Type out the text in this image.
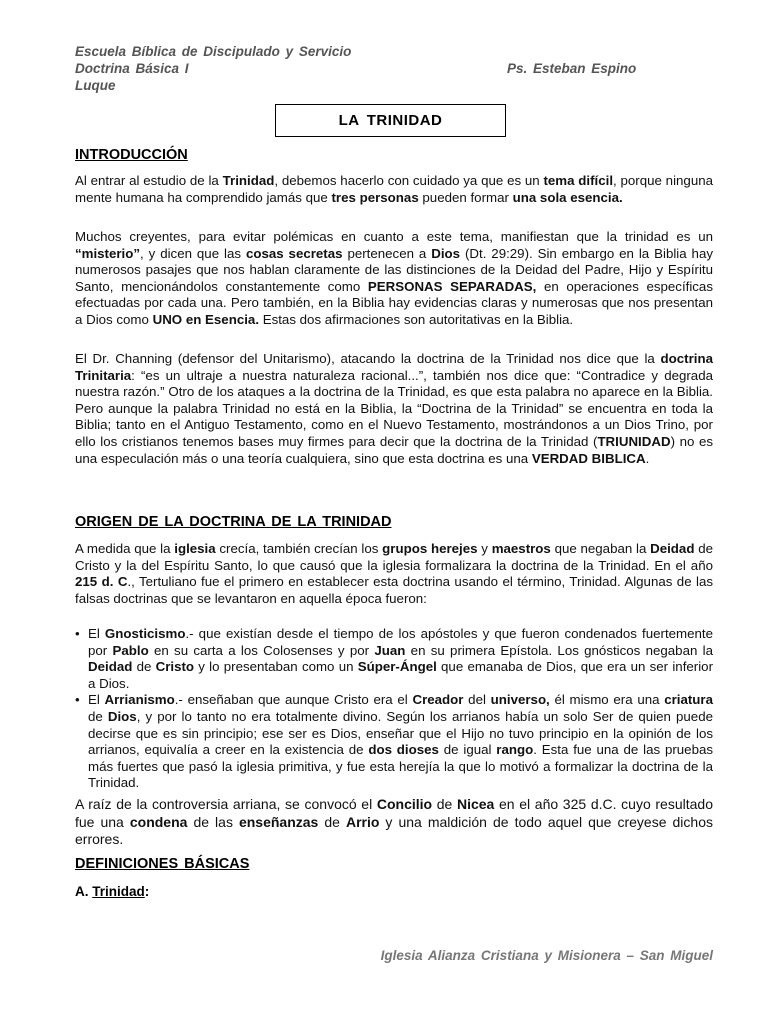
Escuela Bíblica de Discipulado y Servicio
Doctrina Básica I	Ps. Esteban Espino
Luque
LA TRINIDAD
INTRODUCCIÓN
Al entrar al estudio de la Trinidad, debemos hacerlo con cuidado ya que es un tema difícil, porque ninguna mente humana ha comprendido jamás que tres personas pueden formar una sola esencia.
Muchos creyentes, para evitar polémicas en cuanto a este tema, manifiestan que la trinidad es un “misterio”, y dicen que las cosas secretas pertenecen a Dios (Dt. 29:29). Sin embargo en la Biblia hay numerosos pasajes que nos hablan claramente de las distinciones de la Deidad del Padre, Hijo y Espíritu Santo, mencionándolos constantemente como PERSONAS SEPARADAS, en operaciones específicas efectuadas por cada una. Pero también, en la Biblia hay evidencias claras y numerosas que nos presentan a Dios como UNO en Esencia. Estas dos afirmaciones son autoritativas en la Biblia.
El Dr. Channing (defensor del Unitarismo), atacando la doctrina de la Trinidad nos dice que la doctrina Trinitaria: “es un ultraje a nuestra naturaleza racional...”, también nos dice que: “Contradice y degrada nuestra razón.” Otro de los ataques a la doctrina de la Trinidad, es que esta palabra no aparece en la Biblia. Pero aunque la palabra Trinidad no está en la Biblia, la “Doctrina de la Trinidad” se encuentra en toda la Biblia; tanto en el Antiguo Testamento, como en el Nuevo Testamento, mostrándonos a un Dios Trino, por ello los cristianos tenemos bases muy firmes para decir que la doctrina de la Trinidad (TRIUNIDAD) no es una especulación más o una teoría cualquiera, sino que esta doctrina es una VERDAD BIBLICA.
ORIGEN DE LA DOCTRINA DE LA TRINIDAD
A medida que la iglesia crecía, también crecían los grupos herejes y maestros que negaban la Deidad de Cristo y la del Espíritu Santo, lo que causó que la iglesia formalizara la doctrina de la Trinidad. En el año 215 d. C., Tertuliano fue el primero en establecer esta doctrina usando el término, Trinidad. Algunas de las falsas doctrinas que se levantaron en aquella época fueron:
• El Gnosticismo.- que existían desde el tiempo de los apóstoles y que fueron condenados fuertemente por Pablo en su carta a los Colosenses y por Juan en su primera Epístola. Los gnósticos negaban la Deidad de Cristo y lo presentaban como un Súper-Ángel que emanaba de Dios, que era un ser inferior a Dios.
• El Arrianismo.- enseñaban que aunque Cristo era el Creador del universo, él mismo era una criatura de Dios, y por lo tanto no era totalmente divino. Según los arrianos había un solo Ser de quien puede decirse que es sin principio; ese ser es Dios, enseñar que el Hijo no tuvo principio en la opinión de los arrianos, equivalía a creer en la existencia de dos dioses de igual rango. Esta fue una de las pruebas más fuertes que pasó la iglesia primitiva, y fue esta herejía la que lo motivó a formalizar la doctrina de la Trinidad.
A raíz de la controversia arriana, se convocó el Concilio de Nicea en el año 325 d.C. cuyo resultado fue una condena de las enseñanzas de Arrio y una maldición de todo aquel que creyese dichos errores.
DEFINICIONES BÁSICAS
A. Trinidad:
Iglesia Alianza Cristiana y Misionera – San Miguel
